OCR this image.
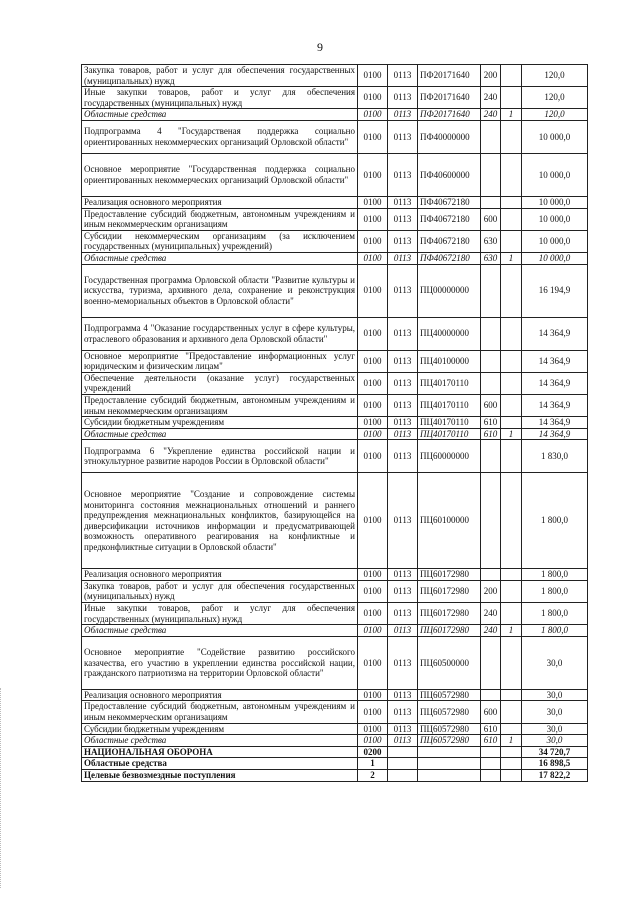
9
Закупка товаров, работ и услуг для обеспечения государственных (муниципальных) нужд	0100	0113	ПФ20171640	200		120,0
Иные закупки товаров, работ и услуг для обеспечения государственных (муниципальных) нужд	0100	0113	ПФ20171640	240		120,0
Областные средства	0100	0113	ПФ20171640	240	1	120,0
Подпрограмма 4 "Государственая поддержка социально ориентированных некоммерческих организаций Орловской области"	0100	0113	ПФ40000000			10 000,0
Основное мероприятие "Государственная поддержка социально ориентированных некоммерческих организаций Орловской области"	0100	0113	ПФ40600000			10 000,0
Реализация основного мероприятия	0100	0113	ПФ40672180			10 000,0
Предоставление субсидий бюджетным, автономным учреждениям и иным некоммерческим организациям	0100	0113	ПФ40672180	600		10 000,0
Субсидии некоммерческим организациям (за исключением государственных (муниципальных) учреждений)	0100	0113	ПФ40672180	630		10 000,0
Областные средства	0100	0113	ПФ40672180	630	1	10 000,0
Государственная программа Орловской области "Развитие культуры и искусства, туризма, архивного дела, сохранение и реконструкция военно-мемориальных объектов в Орловской области"	0100	0113	ПЦ00000000			16 194,9
Подпрограмма 4 "Оказание государственных услуг в сфере культуры, отраслевого образования и архивного дела Орловской области"	0100	0113	ПЦ40000000			14 364,9
Основное мероприятие "Предоставление информационных услуг юридическим и физическим лицам"	0100	0113	ПЦ40100000			14 364,9
Обеспечение деятельности (оказание услуг) государственных учреждений	0100	0113	ПЦ40170110			14 364,9
Предоставление субсидий бюджетным, автономным учреждениям и иным некоммерческим организациям	0100	0113	ПЦ40170110	600		14 364,9
Субсидии бюджетным учреждениям	0100	0113	ПЦ40170110	610		14 364,9
Областные средства	0100	0113	ПЦ40170110	610	1	14 364,9
Подпрограмма 6 "Укрепление единства российской нации и этнокультурное развитие народов России в Орловской области"	0100	0113	ПЦ60000000			1 830,0
Основное мероприятие "Создание и сопровождение системы мониторинга состояния межнациональных отношений и раннего предупреждения межнациональных конфликтов, базирующейся на диверсификации источников информации и предусматривающей возможность оперативного реагирования на конфликтные и предконфликтные ситуации в Орловской области"	0100	0113	ПЦ60100000			1 800,0
Реализация основного мероприятия	0100	0113	ПЦ60172980			1 800,0
Закупка товаров, работ и услуг для обеспечения государственных (муниципальных) нужд	0100	0113	ПЦ60172980	200		1 800,0
Иные закупки товаров, работ и услуг для обеспечения государственных (муниципальных) нужд	0100	0113	ПЦ60172980	240		1 800,0
Областные средства	0100	0113	ПЦ60172980	240	1	1 800,0
Основное мероприятие "Содействие развитию российского казачества, его участию в укреплении единства российской нации, гражданского патриотизма на территории Орловской области"	0100	0113	ПЦ60500000			30,0
Реализация основного мероприятия	0100	0113	ПЦ60572980			30,0
Предоставление субсидий бюджетным, автономным учреждениям и иным некоммерческим организациям	0100	0113	ПЦ60572980	600		30,0
Субсидии бюджетным учреждениям	0100	0113	ПЦ60572980	610		30,0
Областные средства	0100	0113	ПЦ60572980	610	1	30,0
НАЦИОНАЛЬНАЯ ОБОРОНА	0200					34 720,7
Областные средства	1					16 898,5
Целевые безвозмездные поступления	2					17 822,2
